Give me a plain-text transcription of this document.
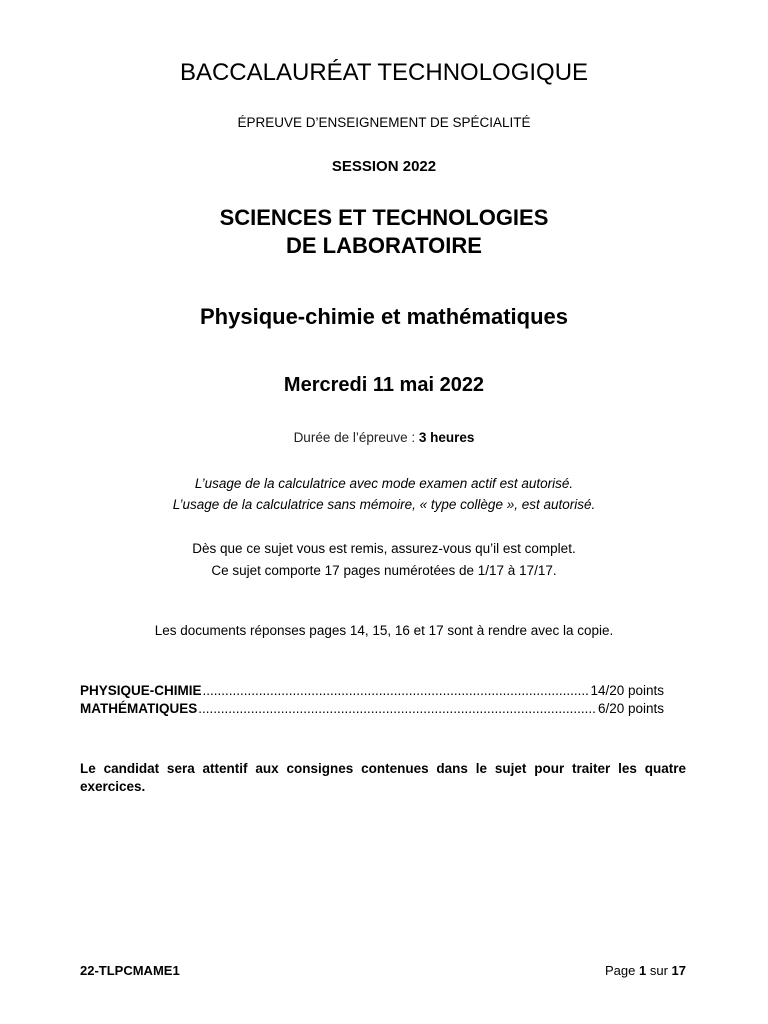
BACCALAURÉAT TECHNOLOGIQUE
ÉPREUVE D’ENSEIGNEMENT DE SPÉCIALITÉ
SESSION 2022
SCIENCES ET TECHNOLOGIES
DE LABORATOIRE
Physique-chimie et mathématiques
Mercredi 11 mai 2022
Durée de l’épreuve : 3 heures
L’usage de la calculatrice avec mode examen actif est autorisé.
L’usage de la calculatrice sans mémoire, « type collège », est autorisé.
Dès que ce sujet vous est remis, assurez-vous qu’il est complet.
Ce sujet comporte 17 pages numérotées de 1/17 à 17/17.
Les documents réponses pages 14, 15, 16 et 17 sont à rendre avec la copie.
PHYSIQUE-CHIMIE .....	14/20 points
MATHÉMATIQUES .....	6/20 points
Le candidat sera attentif aux consignes contenues dans le sujet pour traiter les quatre exercices.
22-TLPCMAME1	Page 1 sur 17
